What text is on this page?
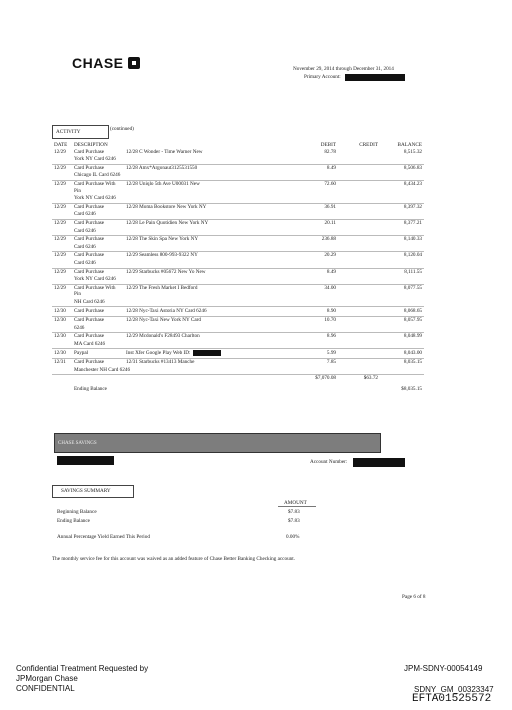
CHASE	November 29, 2014 through December 31, 2014
Primary Account:
ACTIVITY	(continued)
DATE	DESCRIPTION		DEBIT	CREDIT	BALANCE
12/29	Card Purchase	12/28 C Wonder - Time Warner New	82.78		8,515.32
	York NY Card 6246				
12/29	Card Purchase	12/28 Amx*Argonaut3125531550	8.49		8,506.83
	Chicago IL Card 6246				
12/29	Card Purchase With Pin	12/28 Uniqlo 5th Ave U00031 New	72.60		8,434.23
	York NY Card 6246				
12/29	Card Purchase	12/28 Moma Bookstore New York NY	36.91		8,397.32
	Card 6246				
12/29	Card Purchase	12/28 Le Pain Quotidien New York NY	20.11		8,377.21
	Card 6246				
12/29	Card Purchase	12/28 The Skin Spa New York NY	236.88		8,140.33
	Card 6246				
12/29	Card Purchase	12/29 Seamless 800-993-9322 NY	20.29		8,120.04
	Card 6246				
12/29	Card Purchase	12/29 Starbucks #05672 New Yo New	8.49		8,111.55
	York NY Card 6246				
12/29	Card Purchase With Pin	12/29 The Fresh Market I Bedford	34.00		8,077.55
	NH Card 6246				
12/30	Card Purchase	12/28 Nyc-Taxi Astoria NY Card 6246	8.90		8,068.65
12/30	Card Purchase	12/28 Nyc-Taxi New York NY Card	10.70		8,057.95
	6246				
12/30	Card Purchase	12/29 Mcdonald's F28493 Charlton	8.96		8,048.99
	MA Card 6246				
12/30	Paypal	Inst Xfer Google Play Web ID:	5.99		8,043.00
12/31	Card Purchase	12/31 Starbucks #13413 Manche	7.85		8,035.15
	Manchester NH Card 6246				
			$7,070.08	$63.72	
	Ending Balance				$8,035.15
CHASE SAVINGS
Account Number:
SAVINGS SUMMARY
AMOUNT
Beginning Balance	$7.83
Ending Balance	$7.83
Annual Percentage Yield Earned This Period	0.00%
The monthly service fee for this account was waived as an added feature of Chase Better Banking Checking account.
Page 6 of 8
Confidential Treatment Requested by
JPMorgan Chase
CONFIDENTIAL
JPM-SDNY-00054149
SDNY_GM_00323347
EFTA01525572
